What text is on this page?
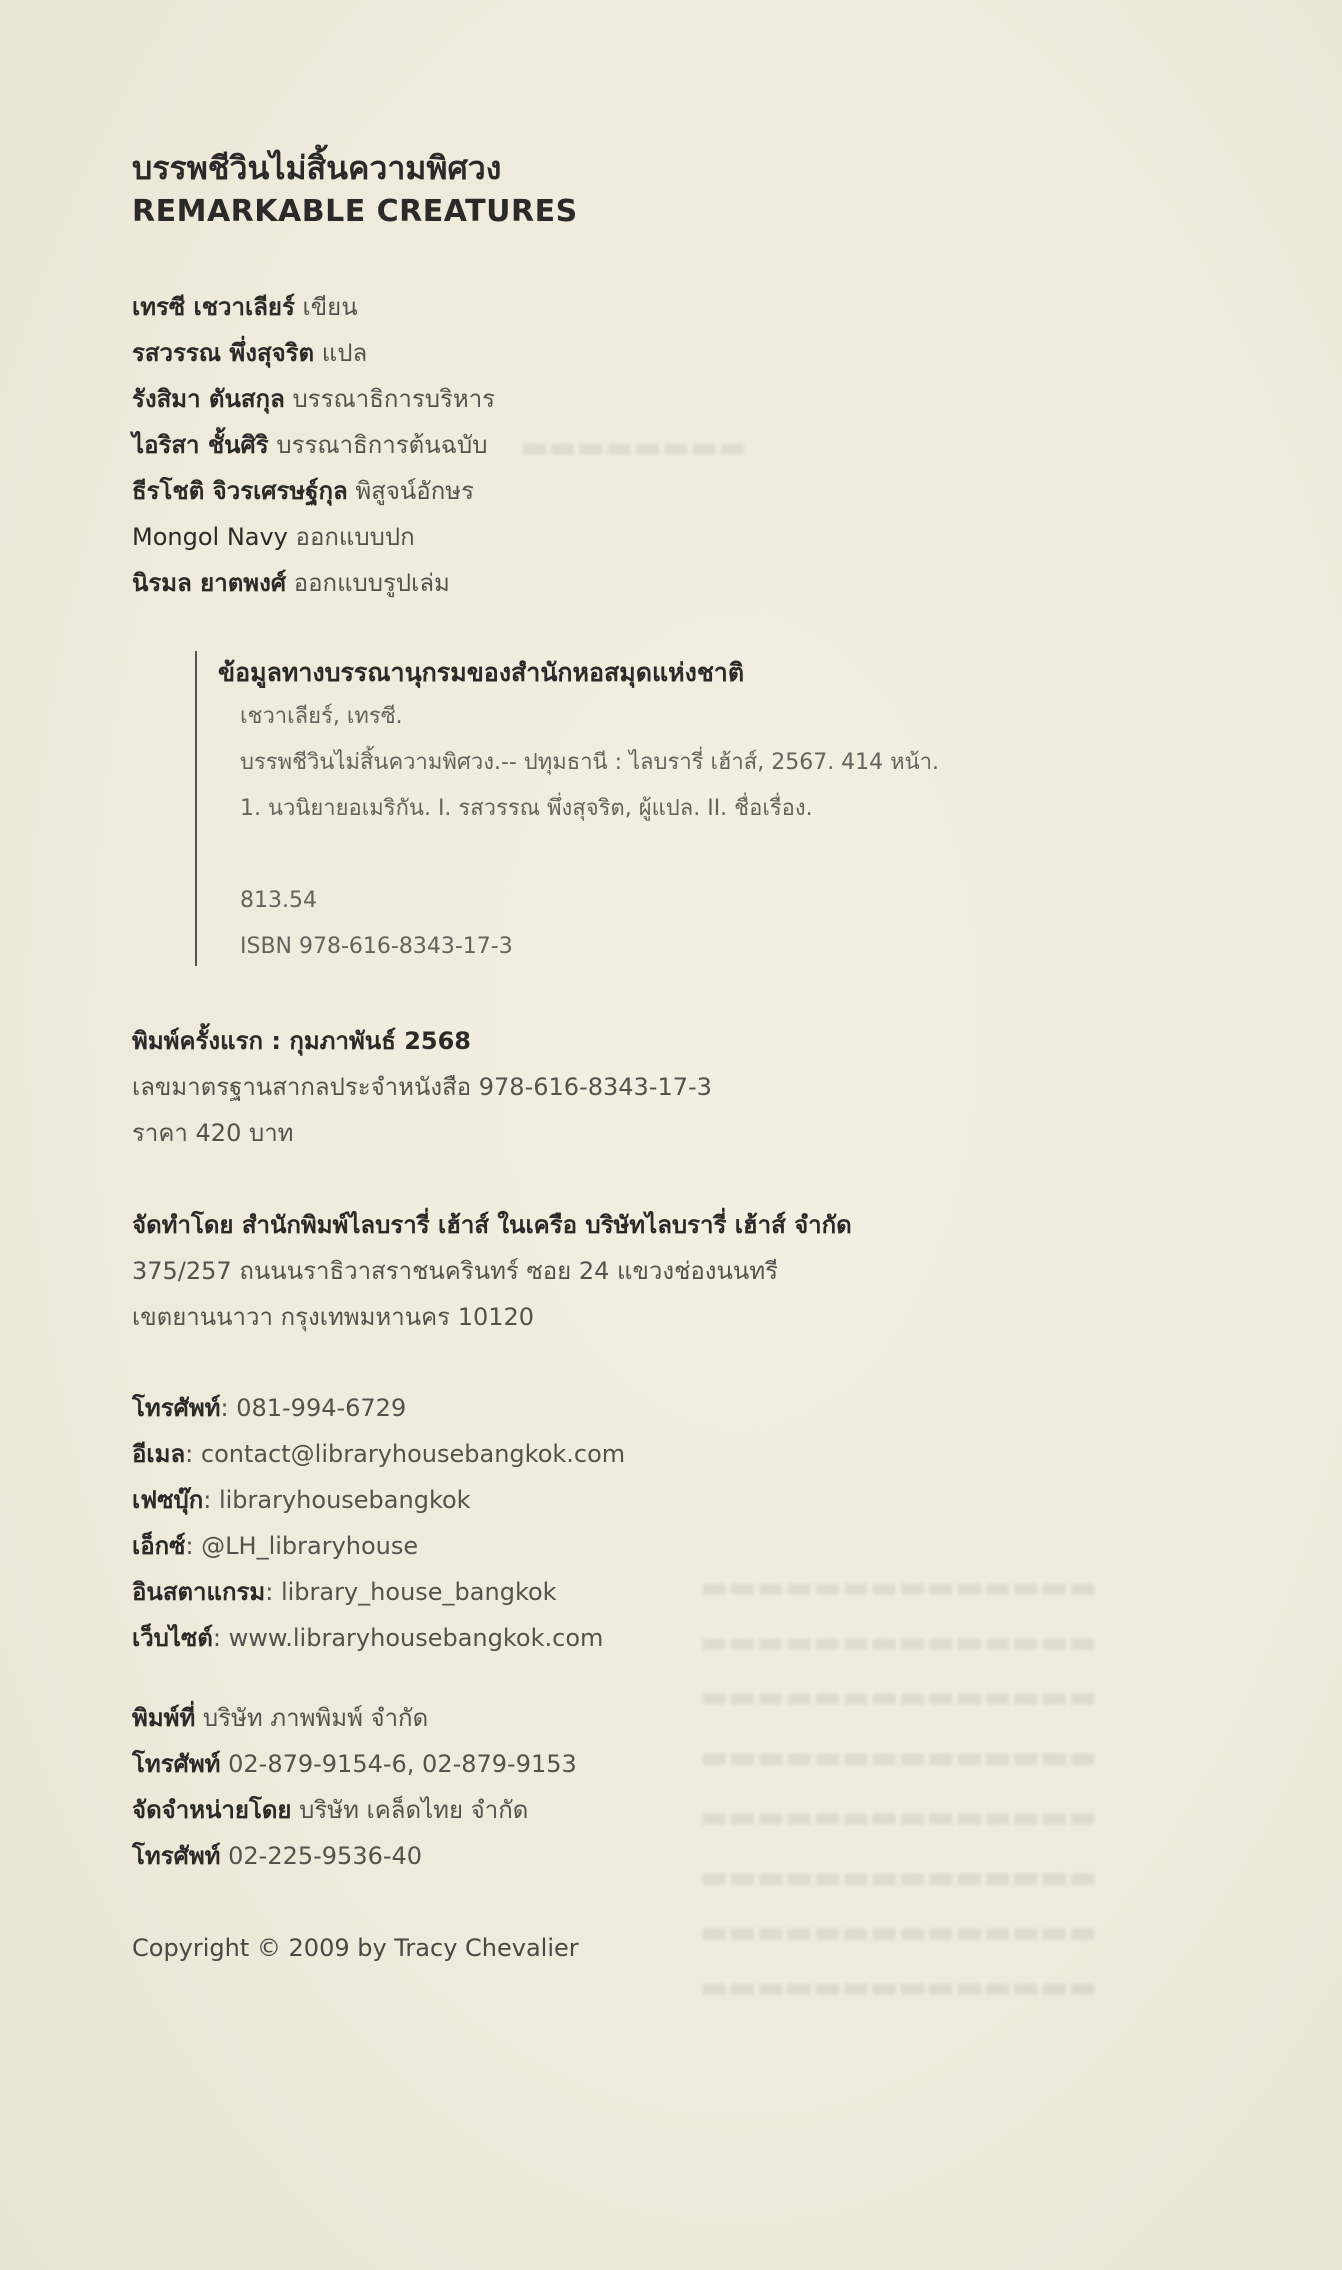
▬▬▬▬▬▬▬▬
▬▬▬▬▬▬▬▬▬▬▬▬▬▬
▬▬▬▬▬▬▬▬▬▬▬▬▬▬
▬▬▬▬▬▬▬▬▬▬▬▬▬▬
▬▬▬▬▬▬▬▬▬▬▬▬▬▬
▬▬▬▬▬▬▬▬▬▬▬▬▬▬
▬▬▬▬▬▬▬▬▬▬▬▬▬▬
▬▬▬▬▬▬▬▬▬▬▬▬▬▬
▬▬▬▬▬▬▬▬▬▬▬▬▬▬
บรรพชีวินไม่สิ้นความพิศวง
REMARKABLE CREATURES
เทรซี เชวาเลียร์ เขียน
รสวรรณ พึ่งสุจริต แปล
รังสิมา ตันสกุล บรรณาธิการบริหาร
ไอริสา ชั้นศิริ บรรณาธิการต้นฉบับ
ธีรโชติ จิวรเศรษฐ์กุล พิสูจน์อักษร
Mongol Navy ออกแบบปก
นิรมล ยาตพงศ์ ออกแบบรูปเล่ม
ข้อมูลทางบรรณานุกรมของสำนักหอสมุดแห่งชาติ
เชวาเลียร์, เทรซี.
บรรพชีวินไม่สิ้นความพิศวง.-- ปทุมธานี : ไลบรารี่ เฮ้าส์, 2567. 414 หน้า.
1. นวนิยายอเมริกัน. I. รสวรรณ พึ่งสุจริต, ผู้แปล. II. ชื่อเรื่อง.
813.54
ISBN 978-616-8343-17-3
พิมพ์ครั้งแรก : กุมภาพันธ์ 2568
เลขมาตรฐานสากลประจำหนังสือ 978-616-8343-17-3
ราคา 420 บาท
จัดทำโดย สำนักพิมพ์ไลบรารี่ เฮ้าส์ ในเครือ บริษัทไลบรารี่ เฮ้าส์ จำกัด
375/257 ถนนนราธิวาสราชนครินทร์ ซอย 24 แขวงช่องนนทรี
เขตยานนาวา กรุงเทพมหานคร 10120
โทรศัพท์: 081-994-6729
อีเมล: contact@libraryhousebangkok.com
เฟซบุ๊ก: libraryhousebangkok
เอ็กซ์: @LH_libraryhouse
อินสตาแกรม: library_house_bangkok
เว็บไซต์: www.libraryhousebangkok.com
พิมพ์ที่ บริษัท ภาพพิมพ์ จำกัด
โทรศัพท์ 02-879-9154-6, 02-879-9153
จัดจำหน่ายโดย บริษัท เคล็ดไทย จำกัด
โทรศัพท์ 02-225-9536-40
Copyright © 2009 by Tracy Chevalier
